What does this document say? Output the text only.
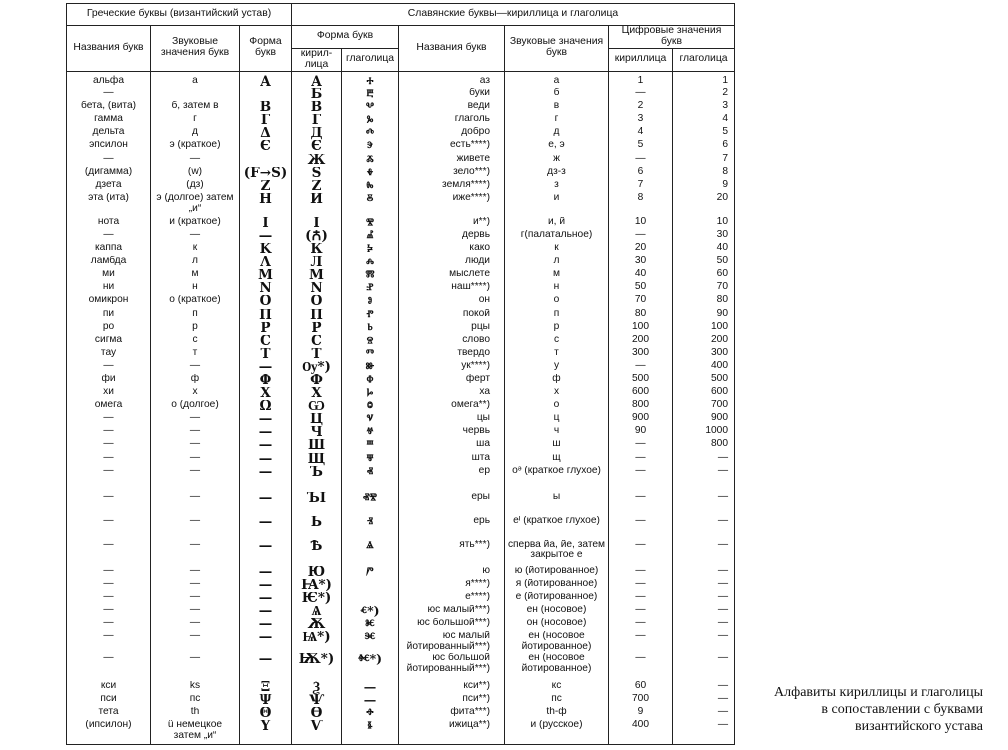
Греческие буквы (византийский устав)			Славянские буквы—кириллица и глаголица					
Названия букв	Звуковые значения букв	Форма букв	Форма букв		Названия букв	Звуковые значения букв	Цифровые значения букв	
			кирил-лица	глаголица			кириллица	глаголица
альфа	а	Α	Α	ⰰ	аз	а	1	1
—			Б	ⰱ	буки	б	—	2
бета, (вита)	б, затем в	В	В	ⰲ	веди	в	2	3
гамма	г	Г	Г	ⰳ	глаголь	г	3	4
дельта	д	Δ	Д	ⰴ	добро	д	4	5
эпсилон	э (краткое)	Є	Є	ⰵ	есть****)	е, э	5	6
—	—		Ж	ⰶ	живете	ж	—	7
(дигамма)	(w)	(F→S)	Ѕ	ⰷ	зело***)	дз-з	6	8
дзета	(дз)	Ζ	Ζ	ⰸ	земля****)	з	7	9
эта (ита)	э (долгое) затем „и“	Η	И	ⰻ	иже****)	и	8	20
нота	и (краткое)	Ι	І	ⰺ	и**)	и, й	10	10
—	—	—	(Ꙉ)	ⰼ	дервь	г(палатальное)	—	30
каппа	к	Κ	К	ⰽ	како	к	20	40
ламбда	л	Λ	Л	ⰾ	люди	л	30	50
ми	м	Μ	М	ⰿ	мыслете	м	40	60
ни	н	Ν	Ν	ⱀ	наш****)	н	50	70
омикрон	о (краткое)	Ο	О	ⱁ	он	о	70	80
пи	п	Π	П	ⱂ	покой	п	80	90
ро	р	Ρ	Р	ⱃ	рцы	р	100	100
сигма	с	С	С	ⱄ	слово	с	200	200
тау	т	Τ	Т	ⱅ	твердо	т	300	300
—	—	—	Ѹ*)	ⱆ	ук****)	у	—	400
фи	ф	Φ	Ф	ⱇ	ферт	ф	500	500
хи	х	Χ	Х	ⱈ	ха	х	600	600
омега	о (долгое)	Ω	Ѡ	ⱉ	омега**)	о	800	700
—	—	—	Ц	ⱌ	цы	ц	900	900
—	—	—	Ч	ⱍ	червь	ч	90	1000
—	—	—	Ш	ⱎ	ша	ш	—	800
—	—	—	Щ	ⱋ	шта	щ	—	—
—	—	—	Ъ	ⱏ	ер	оᵊ (краткое глухое)	—	—
—	—	—	ЪІ	ⱏⰺ	еры	ы	—	—
—	—	—	Ь	ⱐ	ерь	еᴵ (краткое глухое)	—	—
—	—	—	Ѣ	ⱑ	ять***)	сперва йа, йе, затем закрытое е	—	—
—	—	—	Ю	ⱓ	ю	ю (йотированное)	—	—
—	—	—	Ꙗ*)		я****)	я (йотированное)	—	—
—	—	—	Ѥ*)		е****)	е (йотированное)	—	—
—	—	—	Ѧ	ⱔ*)	юс малый***)	ен (носовое)	—	—
—	—	—	Ѫ	ⱘ	юс большой***)	он (носовое)	—	—
—	—	—	Ѩ*)	ⱗ	юс малый йотированный***)	ен (носовое йотированное)	—	—
—	—	—	Ѭ*)	ⱙ*)	юс большой йотированный***)	ен (носовое йотированное)	—	—
кси	ks	Ξ	Ѯ	—	кси**)	кс	60	—
пси	пс	Ψ	Ѱ	—	пси**)	пс	700	—
тета	th	Θ	Ѳ	ⱚ	фита***)	th-ф	9	—
(ипсилон)	ü немецкое затем „и“	Υ	Ѵ	ⱛ	ижица**)	и (русское)	400	—
Алфавиты кириллицы и глаголицы
в сопоставлении с буквами
византийского устава
